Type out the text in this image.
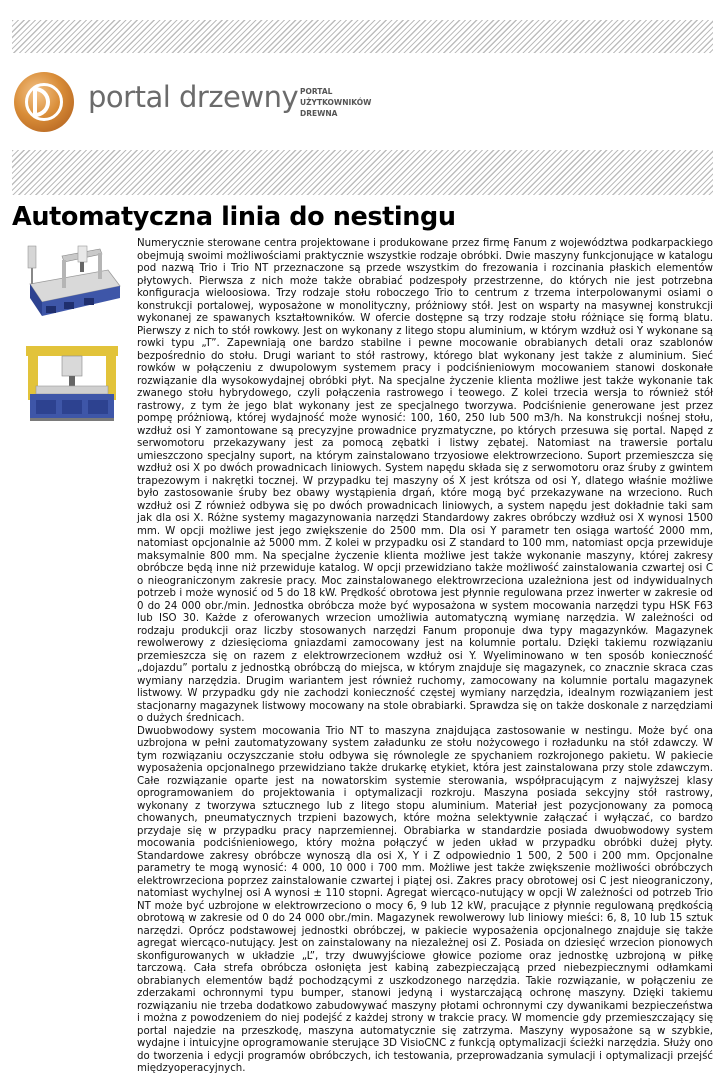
portal drzewny PORTAL
UŻYTKOWNIKÓW
DREWNA
Automatyczna linia do nestingu

Numerycznie sterowane centra projektowane i produkowane przez firmę Fanum z województwa podkarpackiego obejmują swoimi możliwościami praktycznie wszystkie rodzaje obróbki. Dwie maszyny funkcjonujące w katalogu pod nazwą Trio i Trio NT przeznaczone są przede wszystkim do frezowania i rozcinania płaskich elementów płytowych. Pierwsza z nich może także obrabiać podzespoły przestrzenne, do których nie jest potrzebna konfiguracja wieloosiowa. Trzy rodzaje stołu roboczego Trio to centrum z trzema interpolowanymi osiami o konstrukcji portalowej, wyposażone w monolityczny, próżniowy stół. Jest on wsparty na masywnej konstrukcji wykonanej ze spawanych kształtowników. W ofercie dostępne są trzy rodzaje stołu różniące się formą blatu. Pierwszy z nich to stół rowkowy. Jest on wykonany z litego stopu aluminium, w którym wzdłuż osi Y wykonane są rowki typu „T”. Zapewniają one bardzo stabilne i pewne mocowanie obrabianych detali oraz szablonów bezpośrednio do stołu. Drugi wariant to stół rastrowy, którego blat wykonany jest także z aluminium. Sieć rowków w połączeniu z dwupolowym systemem pracy i podciśnieniowym mocowaniem stanowi doskonałe rozwiązanie dla wysokowydajnej obróbki płyt. Na specjalne życzenie klienta możliwe jest także wykonanie tak zwanego stołu hybrydowego, czyli połączenia rastrowego i teowego. Z kolei trzecia wersja to również stół rastrowy, z tym że jego blat wykonany jest ze specjalnego tworzywa. Podciśnienie generowane jest przez pompę próżniową, której wydajność może wynosić: 100, 160, 250 lub 500 m3/h. Na konstrukcji nośnej stołu, wzdłuż osi Y zamontowane są precyzyjne prowadnice pryzmatyczne, po których przesuwa się portal. Napęd z serwomotoru przekazywany jest za pomocą zębatki i listwy zębatej. Natomiast na trawersie portalu umieszczono specjalny suport, na którym zainstalowano trzyosiowe elektrowrzeciono. Suport przemieszcza się wzdłuż osi X po dwóch prowadnicach liniowych. System napędu składa się z serwomotoru oraz śruby z gwintem trapezowym i nakrętki tocznej. W przypadku tej maszyny oś X jest krótsza od osi Y, dlatego właśnie możliwe było zastosowanie śruby bez obawy wystąpienia drgań, które mogą być przekazywane na wrzeciono. Ruch wzdłuż osi Z również odbywa się po dwóch prowadnicach liniowych, a system napędu jest dokładnie taki sam jak dla osi X. Różne systemy magazynowania narzędzi Standardowy zakres obróbczy wzdłuż osi X wynosi 1500 mm. W opcji możliwe jest jego zwiększenie do 2500 mm. Dla osi Y parametr ten osiąga wartość 2000 mm, natomiast opcjonalnie aż 5000 mm. Z kolei w przypadku osi Z standard to 100 mm, natomiast opcja przewiduje maksymalnie 800 mm. Na specjalne życzenie klienta możliwe jest także wykonanie maszyny, której zakresy obróbcze będą inne niż przewiduje katalog. W opcji przewidziano także możliwość zainstalowania czwartej osi C o nieograniczonym zakresie pracy. Moc zainstalowanego elektrowrzeciona uzależniona jest od indywidualnych potrzeb i może wynosić od 5 do 18 kW. Prędkość obrotowa jest płynnie regulowana przez inwerter w zakresie od 0 do 24 000 obr./min. Jednostka obróbcza może być wyposażona w system mocowania narzędzi typu HSK F63 lub ISO 30. Każde z oferowanych wrzecion umożliwia automatyczną wymianę narzędzia. W zależności od rodzaju produkcji oraz liczby stosowanych narzędzi Fanum proponuje dwa typy magazynków. Magazynek rewolwerowy z dziesięcioma gniazdami zamocowany jest na kolumnie portalu. Dzięki takiemu rozwiązaniu przemieszcza się on razem z elektrowrzecionem wzdłuż osi Y. Wyeliminowano w ten sposób konieczność „dojazdu” portalu z jednostką obróbczą do miejsca, w którym znajduje się magazynek, co znacznie skraca czas wymiany narzędzia. Drugim wariantem jest również ruchomy, zamocowany na kolumnie portalu magazynek listwowy. W przypadku gdy nie zachodzi konieczność częstej wymiany narzędzia, idealnym rozwiązaniem jest stacjonarny magazynek listwowy mocowany na stole obrabiarki. Sprawdza się on także doskonale z narzędziami o dużych średnicach.

Dwuobwodowy system mocowania Trio NT to maszyna znajdująca zastosowanie w nestingu. Może być ona uzbrojona w pełni zautomatyzowany system załadunku ze stołu nożycowego i rozładunku na stół zdawczy. W tym rozwiązaniu oczyszczanie stołu odbywa się równolegle ze spychaniem rozkrojonego pakietu. W pakiecie wyposażenia opcjonalnego przewidziano także drukarkę etykiet, która jest zainstalowana przy stole zdawczym. Całe rozwiązanie oparte jest na nowatorskim systemie sterowania, współpracującym z najwyższej klasy oprogramowaniem do projektowania i optymalizacji rozkroju. Maszyna posiada sekcyjny stół rastrowy, wykonany z tworzywa sztucznego lub z litego stopu aluminium. Materiał jest pozycjonowany za pomocą chowanych, pneumatycznych trzpieni bazowych, które można selektywnie załączać i wyłączać, co bardzo przydaje się w przypadku pracy naprzemiennej. Obrabiarka w standardzie posiada dwuobwodowy system mocowania podciśnieniowego, który można połączyć w jeden układ w przypadku obróbki dużej płyty. Standardowe zakresy obróbcze wynoszą dla osi X, Y i Z odpowiednio 1 500, 2 500 i 200 mm. Opcjonalne parametry te mogą wynosić: 4 000, 10 000 i 700 mm. Możliwe jest także zwiększenie możliwości obróbczych elektrowrzeciona poprzez zainstalowanie czwartej i piątej osi. Zakres pracy obrotowej osi C jest nieograniczony, natomiast wychylnej osi A wynosi ± 110 stopni. Agregat wiercąco-nutujący w opcji W zależności od potrzeb Trio NT może być uzbrojone w elektrowrzeciono o mocy 6, 9 lub 12 kW, pracujące z płynnie regulowaną prędkością obrotową w zakresie od 0 do 24 000 obr./min. Magazynek rewolwerowy lub liniowy mieści: 6, 8, 10 lub 15 sztuk narzędzi. Oprócz podstawowej jednostki obróbczej, w pakiecie wyposażenia opcjonalnego znajduje się także agregat wiercąco-nutujący. Jest on zainstalowany na niezależnej osi Z. Posiada on dziesięć wrzecion pionowych skonfigurowanych w układzie „L”, trzy dwuwyjściowe głowice poziome oraz jednostkę uzbrojoną w piłkę tarczową. Cała strefa obróbcza osłonięta jest kabiną zabezpieczającą przed niebezpiecznymi odłamkami obrabianych elementów bądź pochodzącymi z uszkodzonego narzędzia. Takie rozwiązanie, w połączeniu ze zderzakami ochronnymi typu bumper, stanowi jedyną i wystarczającą ochronę maszyny. Dzięki takiemu rozwiązaniu nie trzeba dodatkowo zabudowywać maszyny płotami ochronnymi czy dywanikami bezpieczeństwa i można z powodzeniem do niej podejść z każdej strony w trakcie pracy. W momencie gdy przemieszczający się portal najedzie na przeszkodę, maszyna automatycznie się zatrzyma. Maszyny wyposażone są w szybkie, wydajne i intuicyjne oprogramowanie sterujące 3D VisioCNC z funkcją optymalizacji ścieżki narzędzia. Służy ono do tworzenia i edycji programów obróbczych, ich testowania, przeprowadzania symulacji i optymalizacji przejść międzyoperacyjnych.
